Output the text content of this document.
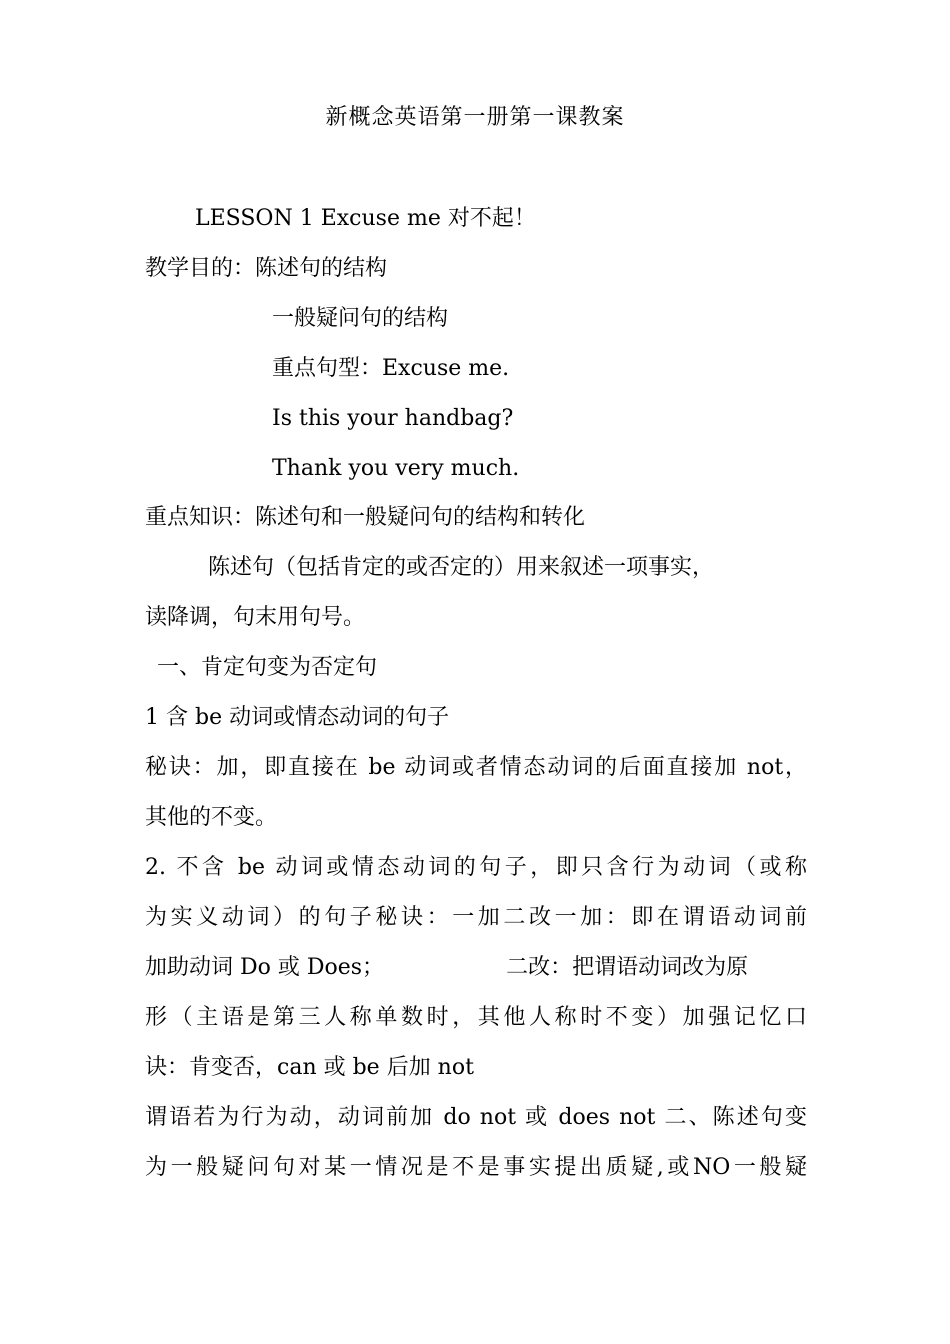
新概念英语第一册第一课教案
LESSON 1 Excuse me 对不起！
教学目的：陈述句的结构
一般疑问句的结构
重点句型：Excuse me.
Is this your handbag?
Thank you very much.
重点知识：陈述句和一般疑问句的结构和转化
陈述句（包括肯定的或否定的）用来叙述一项事实，
读降调，句末用句号。
一、肯定句变为否定句
1 含 be 动词或情态动词的句子
秘诀：加，即直接在 be 动词或者情态动词的后面直接加 not，
其他的不变。
2. 不含 be 动词或情态动词的句子，即只含行为动词（或称
为实义动词）的句子秘诀：一加二改一加：即在谓语动词前
加助动词 Do 或 Does；	二改：把谓语动词改为原
形（主语是第三人称单数时，其他人称时不变）加强记忆口
诀：肯变否，can 或 be 后加 not
谓语若为行为动，动词前加 do not 或 does not 二、陈述句变
为一般疑问句对某一情况是不是事实提出质疑,或NO一般疑
